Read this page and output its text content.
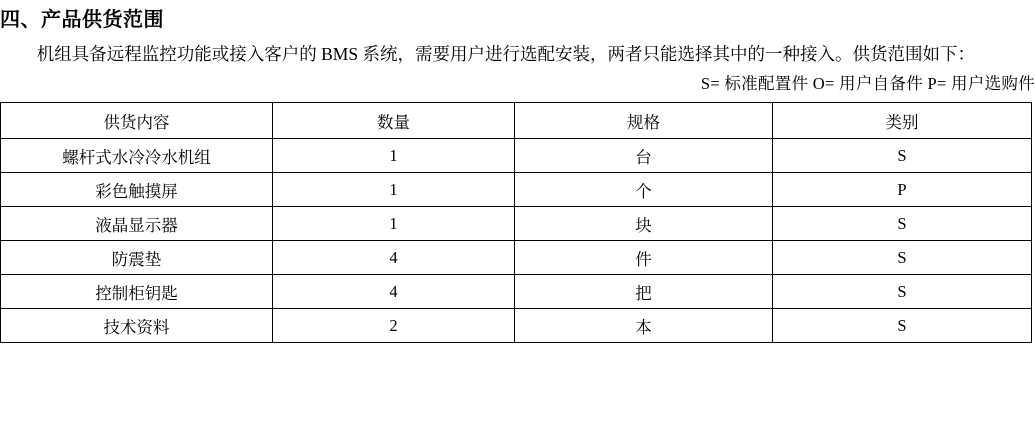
四、产品供货范围

机组具备远程监控功能或接入客户的 BMS 系统，需要用户进行选配安装，两者只能选择其中的一种接入。供货范围如下：

S= 标准配置件 O= 用户自备件 P= 用户选购件
供货内容	数量	规格	类别
螺杆式水冷冷水机组	1	台	S
彩色触摸屏	1	个	P
液晶显示器	1	块	S
防震垫	4	件	S
控制柜钥匙	4	把	S
技术资料	2	本	S
